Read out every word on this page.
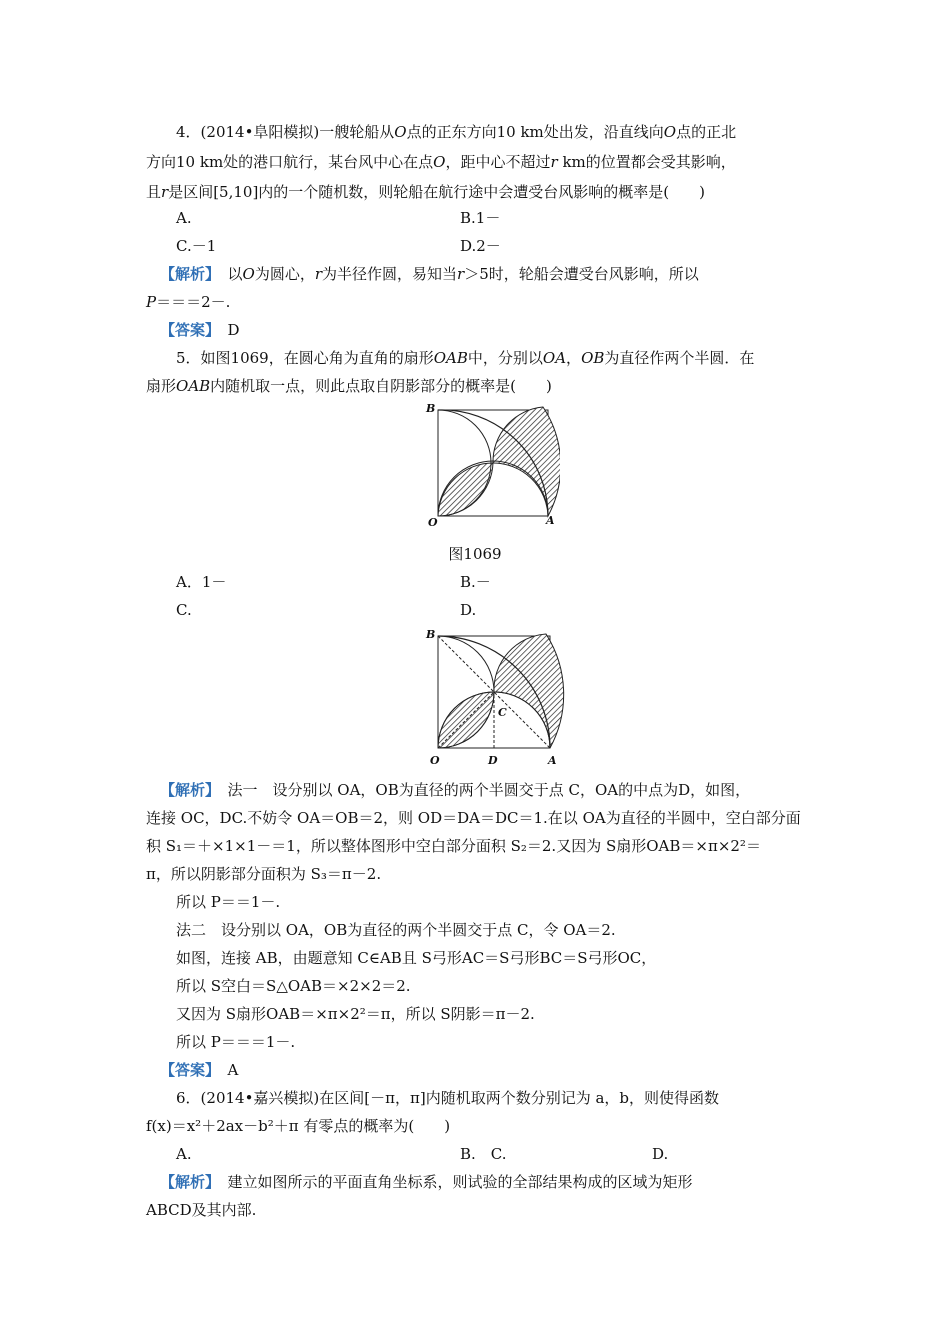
4．(2014•阜阳模拟)一艘轮船从O点的正东方向10 km处出发，沿直线向O点的正北
方向10 km处的港口航行，某台风中心在点O，距中心不超过r km的位置都会受其影响，
且r是区间[5,10]内的一个随机数，则轮船在航行途中会遭受台风影响的概率是(　　)
A.	B.1－
C.－1	D.2－
【解析】　以O为圆心，r为半径作圆，易知当r＞5时，轮船会遭受台风影响，所以
P＝＝＝2－.
【答案】　D
5．如图1069，在圆心角为直角的扇形OAB中，分别以OA，OB为直径作两个半圆．在
扇形OAB内随机取一点，则此点取自阴影部分的概率是(　　)
B
O	A
图1069
A．1－	B.－
C.	D.
B
O	D	A
C
【解析】　法一　设分别以 OA，OB为直径的两个半圆交于点 C，OA的中点为D，如图，
连接 OC，DC.不妨令 OA＝OB＝2，则 OD＝DA＝DC＝1.在以 OA为直径的半圆中，空白部分面
积 S₁＝＋×1×1－＝1，所以整体图形中空白部分面积 S₂＝2.又因为 S扇形OAB＝×π×2²＝
π，所以阴影部分面积为 S₃＝π－2.
所以 P＝＝1－.
法二　设分别以 OA，OB为直径的两个半圆交于点 C，令 OA＝2.
如图，连接 AB，由题意知 C∈AB且 S弓形AC＝S弓形BC＝S弓形OC，
所以 S空白＝S△OAB＝×2×2＝2.
又因为 S扇形OAB＝×π×2²＝π，所以 S阴影＝π－2.
所以 P＝＝＝1－.
【答案】　A
6．(2014•嘉兴模拟)在区间[－π，π]内随机取两个数分别记为 a，b，则使得函数
f(x)＝x²＋2ax－b²＋π 有零点的概率为(　　)
A.	B.　C.	D.
【解析】　建立如图所示的平面直角坐标系，则试验的全部结果构成的区域为矩形
ABCD及其内部.
